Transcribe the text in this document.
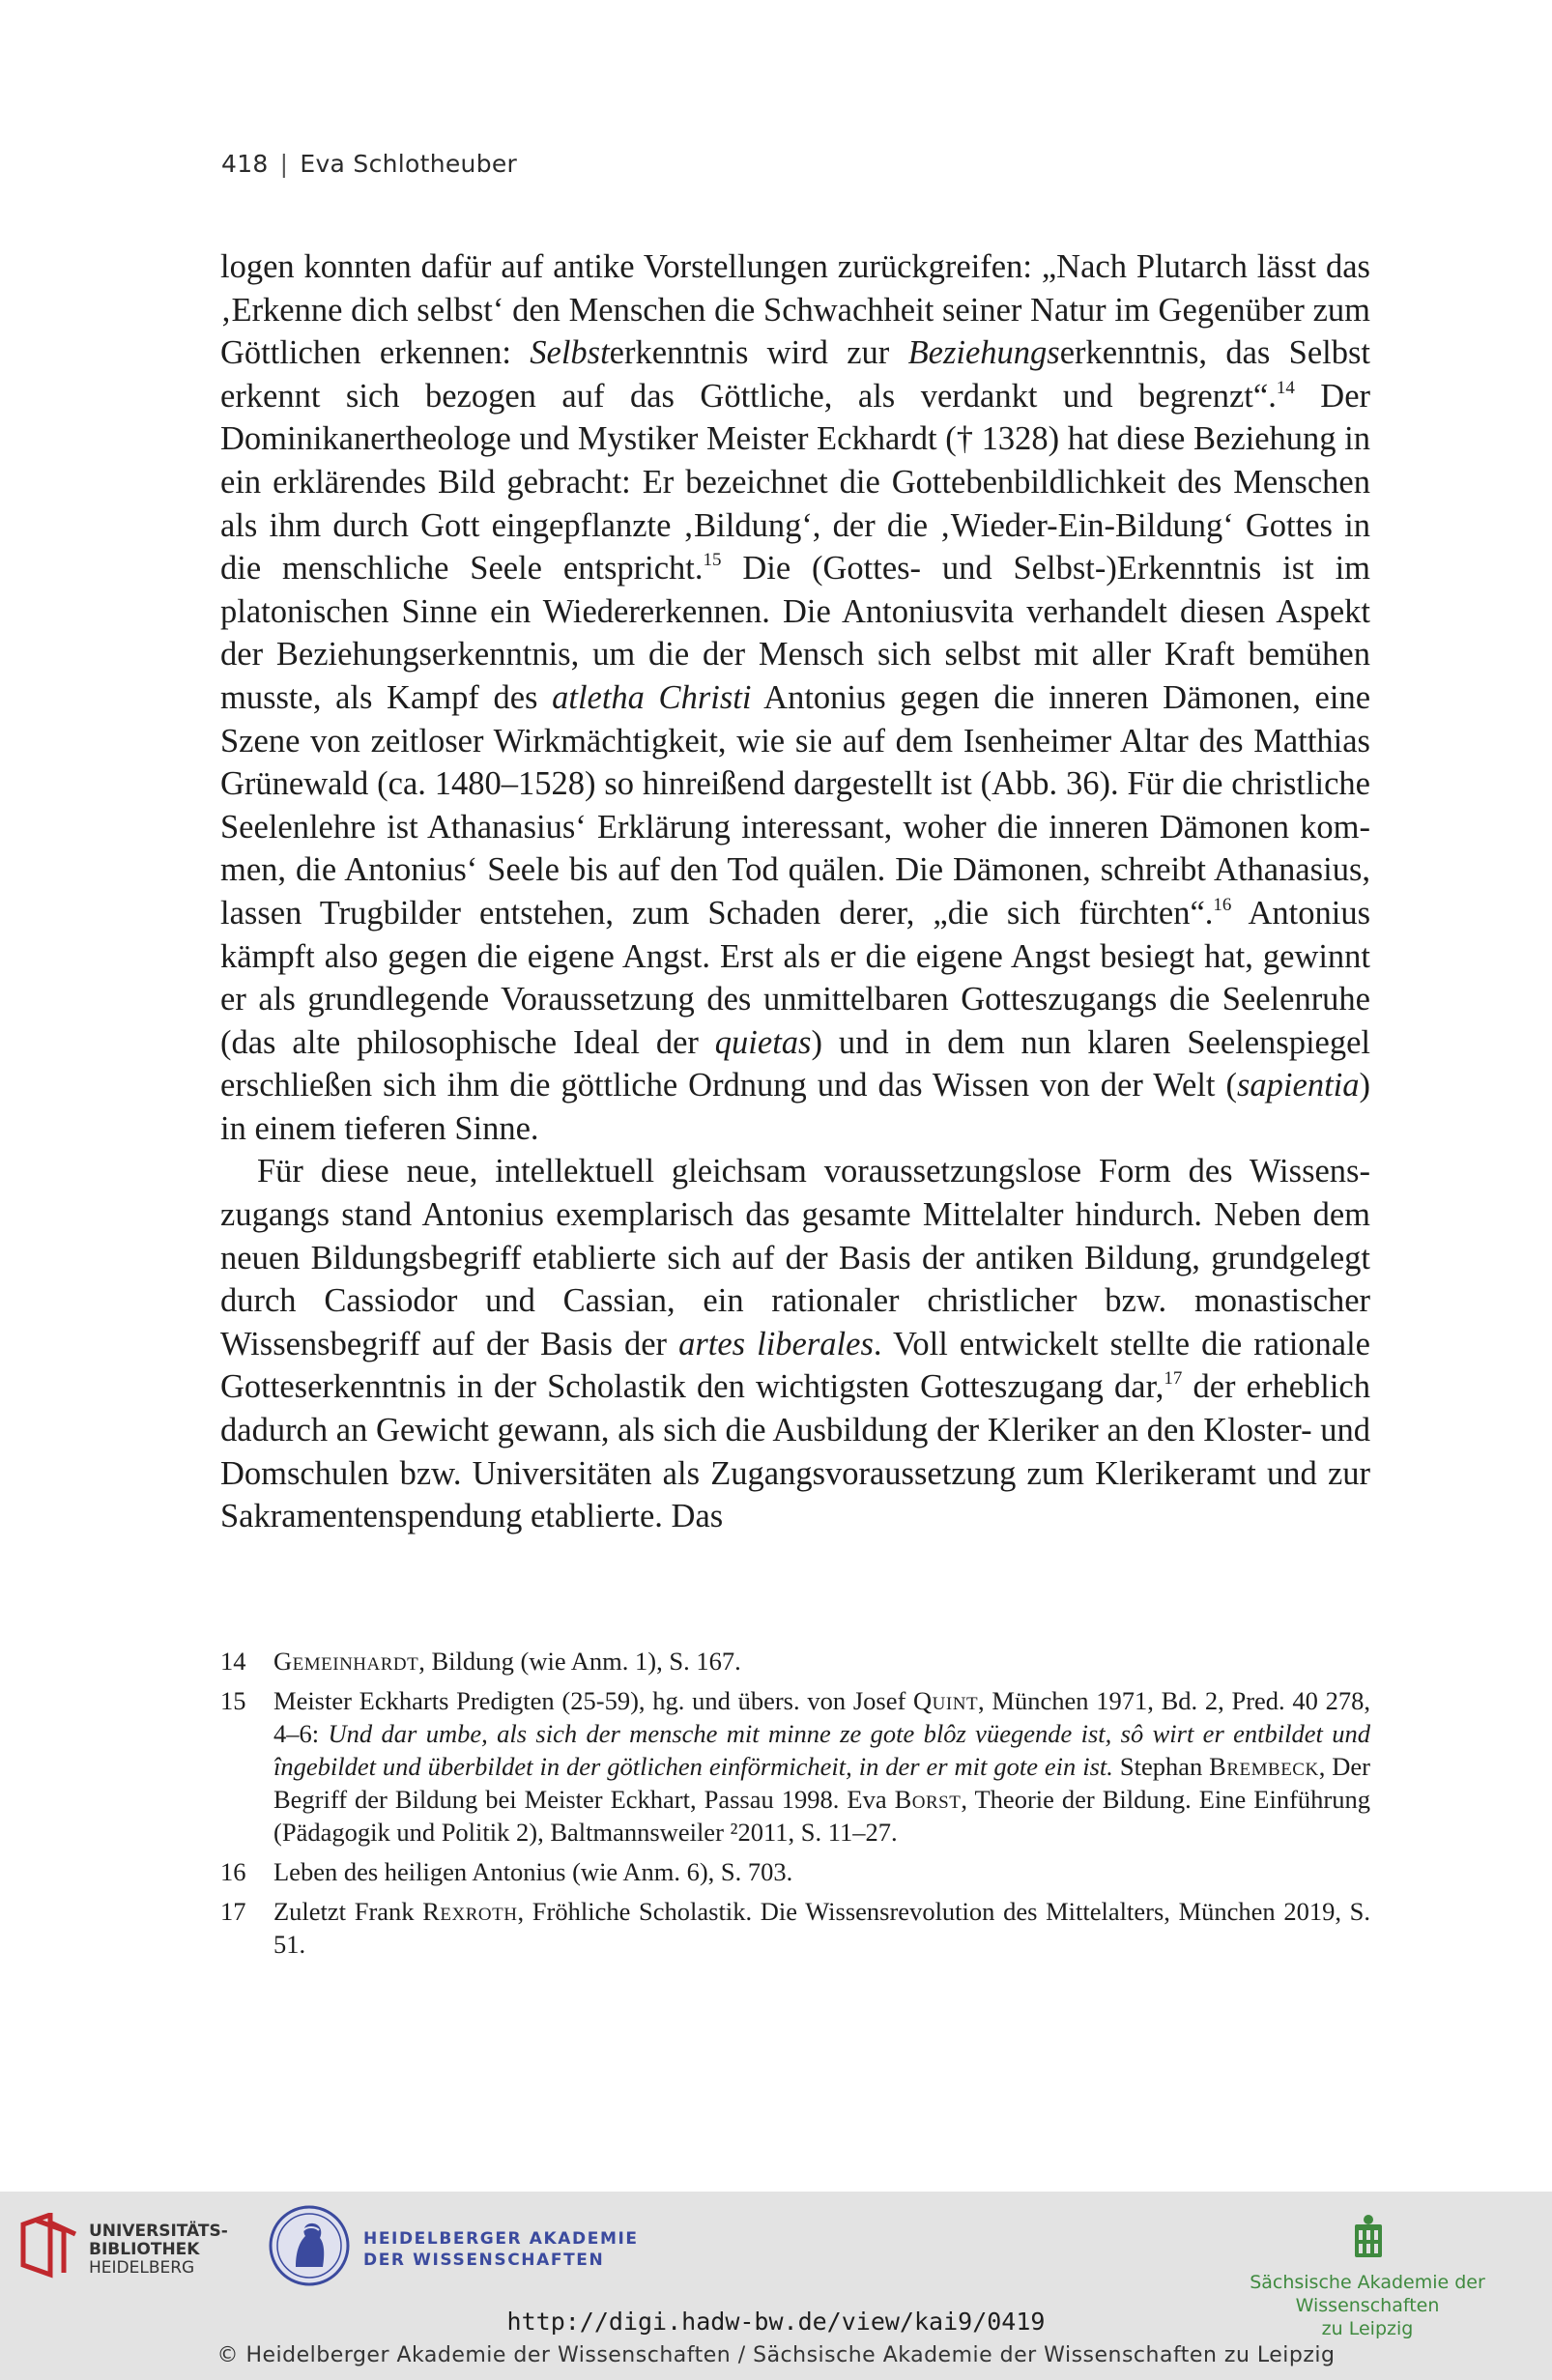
418 | Eva Schlotheuber

logen konnten dafür auf antike Vorstellungen zurückgreifen: „Nach Plutarch lässt das ‚Erkenne dich selbst‘ den Menschen die Schwachheit seiner Natur im Gegenüber zum Göttlichen erkennen: Selbsterkenntnis wird zur Beziehungserkenntnis, das Selbst erkennt sich bezogen auf das Göttliche, als verdankt und begrenzt“.$^{14}$ Der Dominikanertheologe und Mystiker Meister Eckhardt († 1328) hat diese Beziehung in ein erklärendes Bild gebracht: Er bezeichnet die Gottebenbildlichkeit des Menschen als ihm durch Gott eingepflanzte ‚Bildung‘, der die ‚Wieder-Ein-Bildung‘ Gottes in die menschliche Seele entspricht.$^{15}$ Die (Gottes- und Selbst-)Erkenntnis ist im platonischen Sinne ein Wiedererkennen. Die Antoniusvita verhandelt diesen Aspekt der Beziehungserkenntnis, um die der Mensch sich selbst mit aller Kraft bemühen musste, als Kampf des atletha Christi Antonius gegen die inneren Dämonen, eine Szene von zeitloser Wirkmächtigkeit, wie sie auf dem Isenheimer Altar des Matthias Grünewald (ca. 1480–1528) so hinreißend dargestellt ist (Abb. 36). Für die christliche Seelenlehre ist Athanasius‘ Erklärung interessant, woher die inneren Dämonen kommen, die Antonius‘ Seele bis auf den Tod quälen. Die Dämonen, schreibt Athanasius, lassen Trugbilder entstehen, zum Schaden derer, „die sich fürchten“.$^{16}$ Antonius kämpft also gegen die eigene Angst. Erst als er die eigene Angst besiegt hat, gewinnt er als grundlegende Voraussetzung des unmittelbaren Gotteszugangs die Seelenruhe (das alte philosophische Ideal der quietas) und in dem nun klaren Seelenspiegel erschließen sich ihm die göttliche Ordnung und das Wissen von der Welt (sapientia) in einem tieferen Sinne.

Für diese neue, intellektuell gleichsam voraussetzungslose Form des Wissenszugangs stand Antonius exemplarisch das gesamte Mittelalter hindurch. Neben dem neuen Bildungsbegriff etablierte sich auf der Basis der antiken Bildung, grundgelegt durch Cassiodor und Cassian, ein rationaler christlicher bzw. monastischer Wissensbegriff auf der Basis der artes liberales. Voll entwickelt stellte die rationale Gotteserkenntnis in der Scholastik den wichtigsten Gotteszugang dar,$^{17}$ der erheblich dadurch an Gewicht gewann, als sich die Ausbildung der Kleriker an den Kloster- und Domschulen bzw. Universitäten als Zugangsvoraussetzung zum Klerikeramt und zur Sakramentenspendung etablierte. Das

14	Gemeinhardt, Bildung (wie Anm. 1), S. 167.
15	Meister Eckharts Predigten (25-59), hg. und übers. von Josef Quint, München 1971, Bd. 2, Pred. 40 278, 4–6: Und dar umbe, als sich der mensche mit minne ze gote blôz vüegende ist, sô wirt er entbildet und îngebildet und überbildet in der götlichen einförmicheit, in der er mit gote ein ist. Stephan Brembeck, Der Begriff der Bildung bei Meister Eckhart, Passau 1998. Eva Borst, Theorie der Bildung. Eine Einführung (Pädagogik und Politik 2), Baltmannsweiler ²2011, S. 11–27.
16	Leben des heiligen Antonius (wie Anm. 6), S. 703.
17	Zuletzt Frank Rexroth, Fröhliche Scholastik. Die Wissensrevolution des Mittelalters, München 2019, S. 51.
UNIVERSITÄTS-
BIBLIOTHEK
HEIDELBERG
HEIDELBERGER AKADEMIE
DER WISSENSCHAFTEN
Sächsische Akademie der Wissenschaften
zu Leipzig
http://digi.hadw-bw.de/view/kai9/0419
© Heidelberger Akademie der Wissenschaften / Sächsische Akademie der Wissenschaften zu Leipzig
